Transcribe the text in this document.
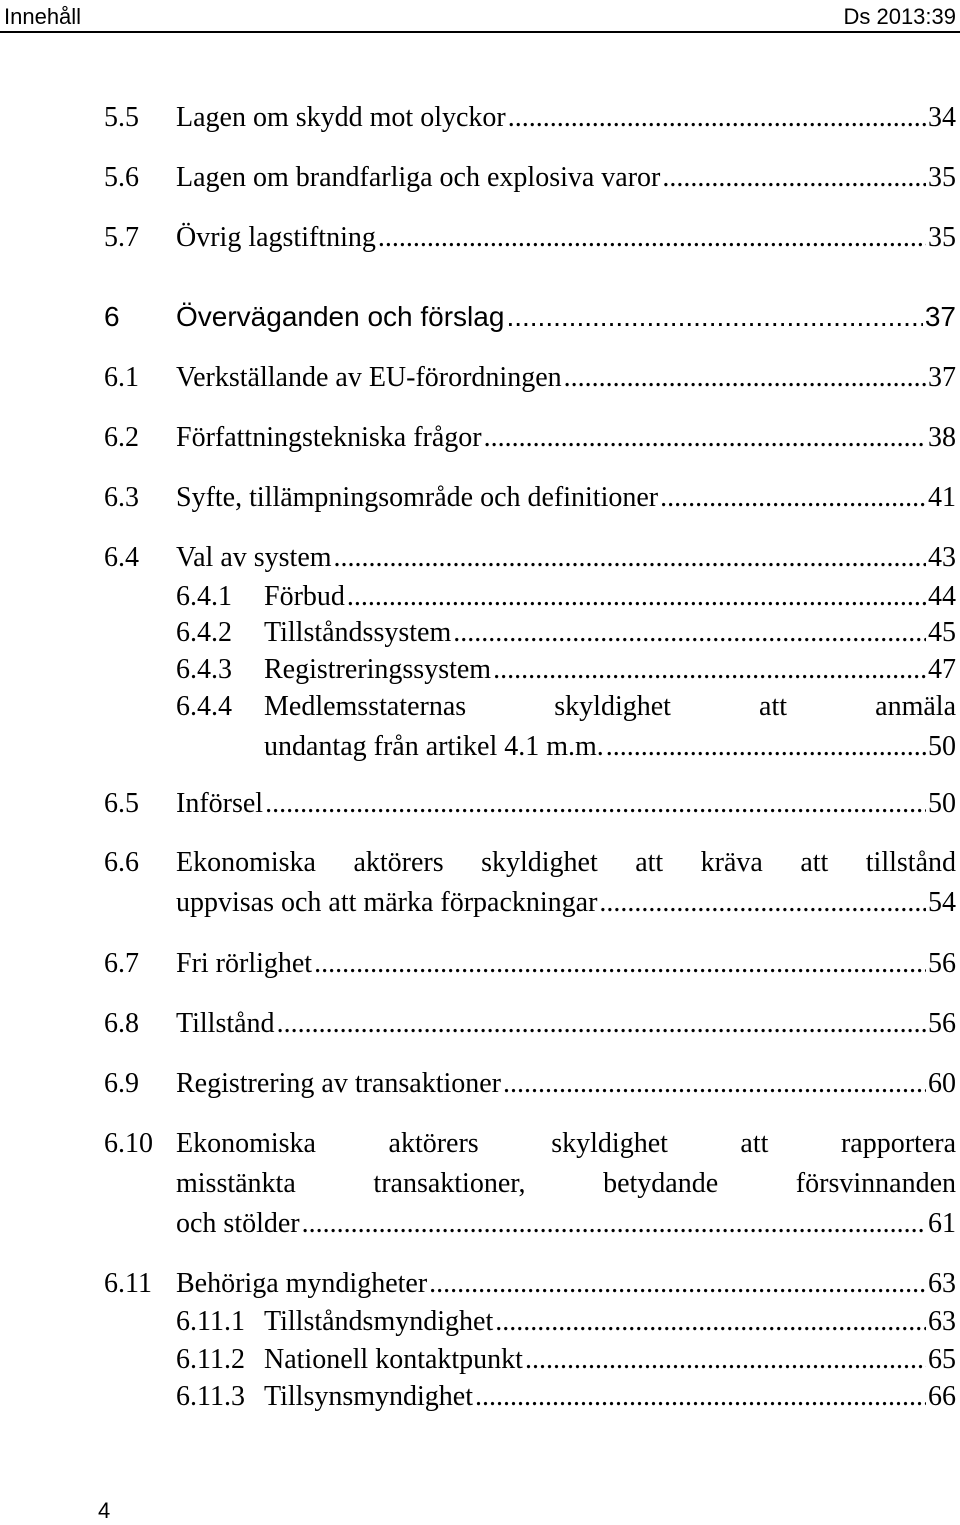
Innehåll	Ds 2013:39
5.5 Lagen om skydd mot olyckor .....	34
5.6 Lagen om brandfarliga och explosiva varor .....	35
5.7 Övrig lagstiftning .....	35
6 Överväganden och förslag .....	37
6.1 Verkställande av EU-förordningen .....	37
6.2 Författningstekniska frågor .....	38
6.3 Syfte, tillämpningsområde och definitioner .....	41
6.4 Val av system .....	43
6.4.1 Förbud .....	44
6.4.2 Tillståndssystem .....	45
6.4.3 Registreringssystem .....	47
6.4.4 Medlemsstaternas skyldighet att anmäla
undantag från artikel 4.1 m.m. .....	50
6.5 Införsel .....	50
6.6 Ekonomiska aktörers skyldighet att kräva att tillstånd
uppvisas och att märka förpackningar .....	54
6.7 Fri rörlighet .....	56
6.8 Tillstånd .....	56
6.9 Registrering av transaktioner .....	60
6.10 Ekonomiska aktörers skyldighet att rapportera
misstänkta transaktioner, betydande försvinnanden
och stölder .....	61
6.11 Behöriga myndigheter .....	63
6.11.1 Tillståndsmyndighet .....	63
6.11.2 Nationell kontaktpunkt .....	65
6.11.3 Tillsynsmyndighet .....	66
4
